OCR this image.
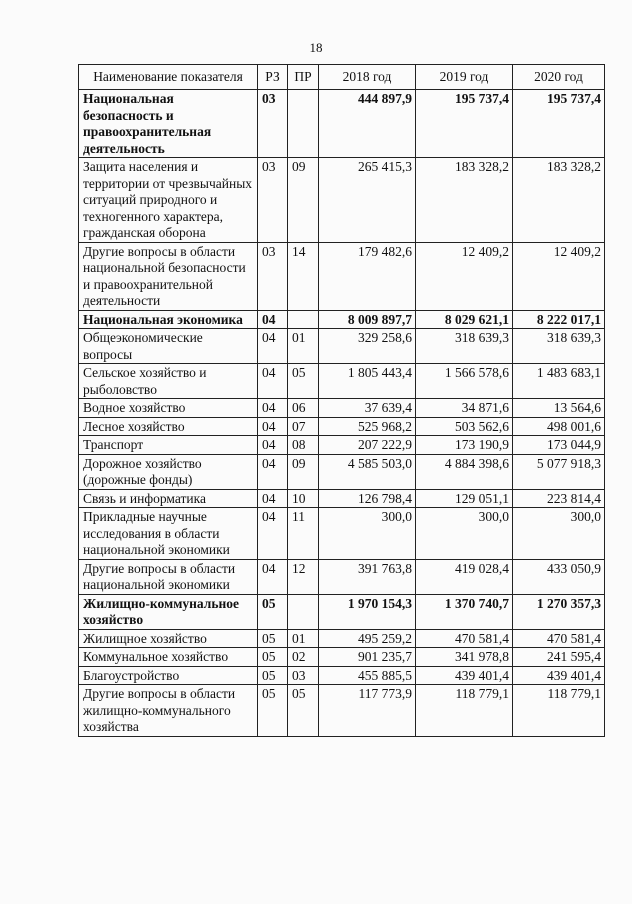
18
Наименование показателя	РЗ	ПР	2018 год	2019 год	2020 год
Национальная безопасность и правоохранительная деятельность	03		444 897,9	195 737,4	195 737,4
Защита населения и территории от чрезвычайных ситуаций природного и техногенного характера, гражданская оборона	03	09	265 415,3	183 328,2	183 328,2
Другие вопросы в области национальной безопасности и правоохранительной деятельности	03	14	179 482,6	12 409,2	12 409,2
Национальная экономика	04		8 009 897,7	8 029 621,1	8 222 017,1
Общеэкономические вопросы	04	01	329 258,6	318 639,3	318 639,3
Сельское хозяйство и рыболовство	04	05	1 805 443,4	1 566 578,6	1 483 683,1
Водное хозяйство	04	06	37 639,4	34 871,6	13 564,6
Лесное хозяйство	04	07	525 968,2	503 562,6	498 001,6
Транспорт	04	08	207 222,9	173 190,9	173 044,9
Дорожное хозяйство (дорожные фонды)	04	09	4 585 503,0	4 884 398,6	5 077 918,3
Связь и информатика	04	10	126 798,4	129 051,1	223 814,4
Прикладные научные исследования в области национальной экономики	04	11	300,0	300,0	300,0
Другие вопросы в области национальной экономики	04	12	391 763,8	419 028,4	433 050,9
Жилищно-коммунальное хозяйство	05		1 970 154,3	1 370 740,7	1 270 357,3
Жилищное хозяйство	05	01	495 259,2	470 581,4	470 581,4
Коммунальное хозяйство	05	02	901 235,7	341 978,8	241 595,4
Благоустройство	05	03	455 885,5	439 401,4	439 401,4
Другие вопросы в области жилищно-коммунального хозяйства	05	05	117 773,9	118 779,1	118 779,1
